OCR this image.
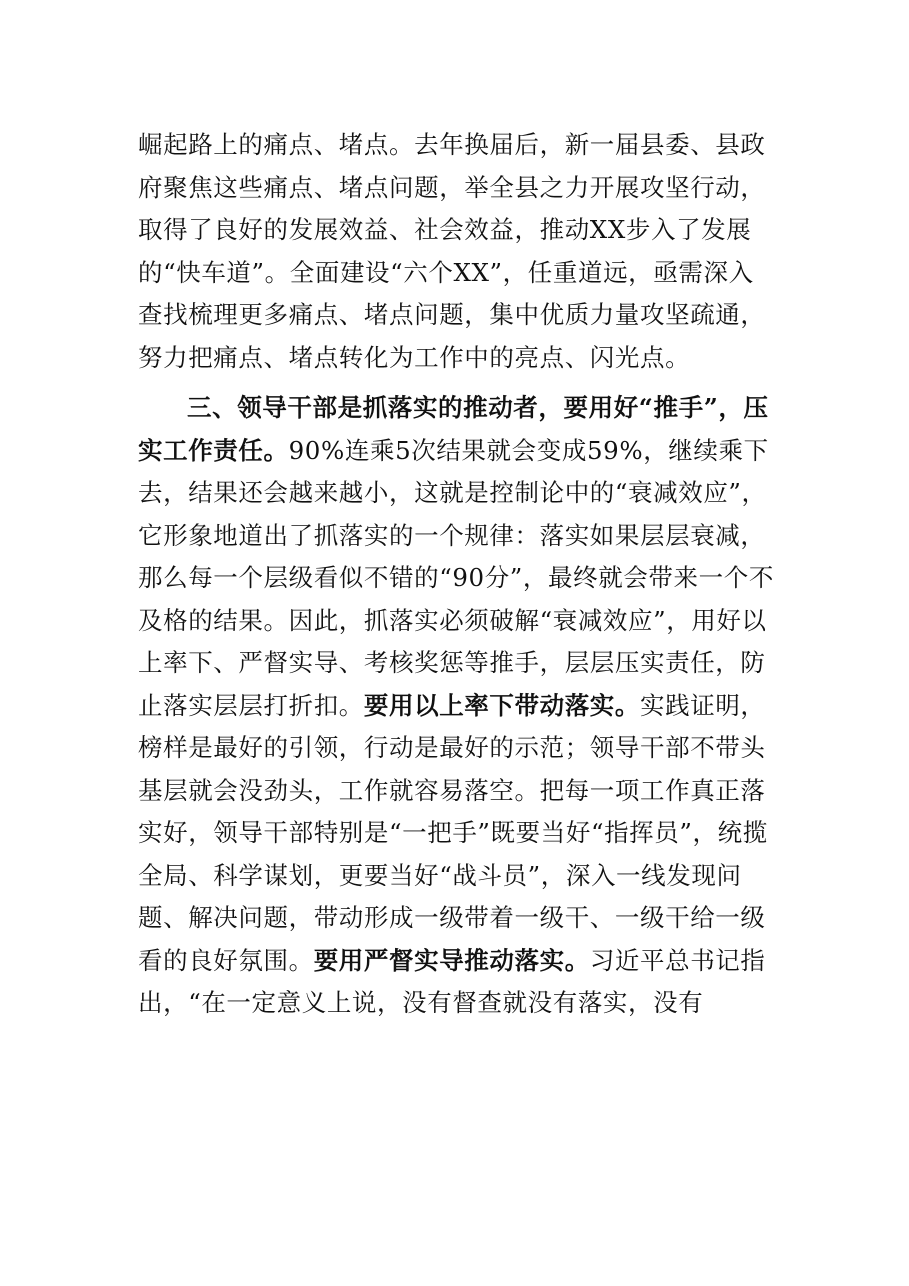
崛起路上的痛点、堵点。去年换届后，新一届县委、县政府聚焦这些痛点、堵点问题，举全县之力开展攻坚行动，取得了良好的发展效益、社会效益，推动XX步入了发展的“快车道”。全面建设“六个XX”，任重道远，亟需深入查找梳理更多痛点、堵点问题，集中优质力量攻坚疏通，努力把痛点、堵点转化为工作中的亮点、闪光点。

三、领导干部是抓落实的推动者，要用好“推手”，压实工作责任。90%连乘5次结果就会变成59%，继续乘下去，结果还会越来越小，这就是控制论中的“衰减效应”，它形象地道出了抓落实的一个规律：落实如果层层衰减，那么每一个层级看似不错的“90分”，最终就会带来一个不及格的结果。因此，抓落实必须破解“衰减效应”，用好以上率下、严督实导、考核奖惩等推手，层层压实责任，防止落实层层打折扣。要用以上率下带动落实。实践证明，榜样是最好的引领，行动是最好的示范；领导干部不带头基层就会没劲头，工作就容易落空。把每一项工作真正落实好，领导干部特别是“一把手”既要当好“指挥员”，统揽全局、科学谋划，更要当好“战斗员”，深入一线发现问题、解决问题，带动形成一级带着一级干、一级干给一级看的良好氛围。要用严督实导推动落实。习近平总书记指出，“在一定意义上说，没有督查就没有落实，没有
